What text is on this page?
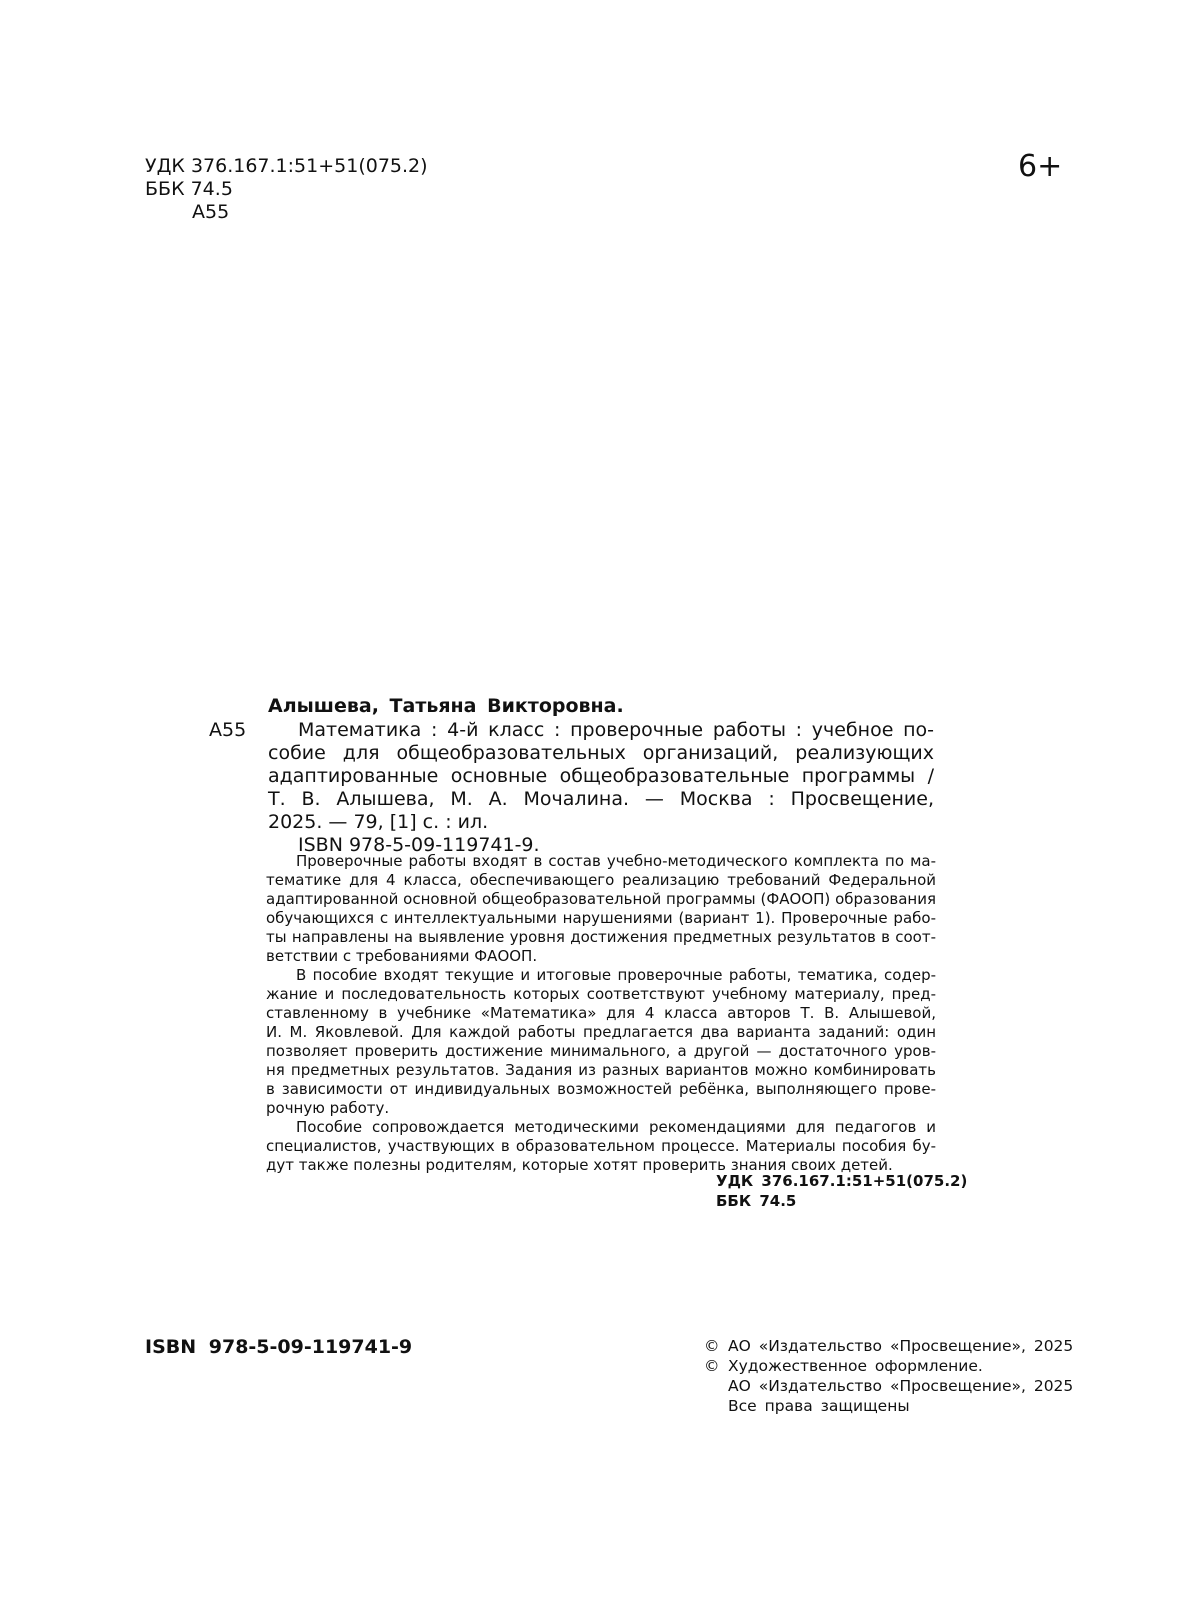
УДК 376.167.1:51+51(075.2)
ББК 74.5
А55
6+
Алышева, Татьяна Викторовна.
А55	Математика : 4-й класс : проверочные работы : учебное по-
собие для общеобразовательных организаций, реализующих
адаптированные основные общеобразовательные программы /
Т. В. Алышева, М. А. Мочалина. — Москва : Просвещение,
2025. — 79, [1] с. : ил.
ISBN 978-5-09-119741-9.
Проверочные работы входят в состав учебно-методического комплекта по ма-
тематике для 4 класса, обеспечивающего реализацию требований Федеральной
адаптированной основной общеобразовательной программы (ФАООП) образования
обучающихся с интеллектуальными нарушениями (вариант 1). Проверочные рабо-
ты направлены на выявление уровня достижения предметных результатов в соот-
ветствии с требованиями ФАООП.
В пособие входят текущие и итоговые проверочные работы, тематика, содер-
жание и последовательность которых соответствуют учебному материалу, пред-
ставленному в учебнике «Математика» для 4 класса авторов Т. В. Алышевой,
И. М. Яковлевой. Для каждой работы предлагается два варианта заданий: один
позволяет проверить достижение минимального, а другой — достаточного уров-
ня предметных результатов. Задания из разных вариантов можно комбинировать
в зависимости от индивидуальных возможностей ребёнка, выполняющего прове-
рочную работу.
Пособие сопровождается методическими рекомендациями для педагогов и
специалистов, участвующих в образовательном процессе. Материалы пособия бу-
дут также полезны родителям, которые хотят проверить знания своих детей.
УДК 376.167.1:51+51(075.2)
ББК 74.5
ISBN 978-5-09-119741-9	© АО «Издательство «Просвещение», 2025
© Художественное оформление.
АО «Издательство «Просвещение», 2025
Все права защищены
